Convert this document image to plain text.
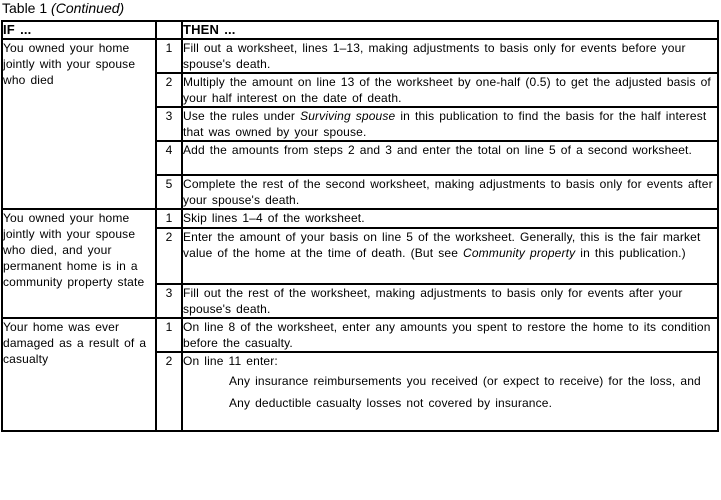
Table 1 (Continued)
IF ...		THEN ...
You owned your home jointly with your spouse who died	1	Fill out a worksheet, lines 1–13, making adjustments to basis only for events before your spouse's death.
	2	Multiply the amount on line 13 of the worksheet by one-half (0.5) to get the adjusted basis of your half interest on the date of death.
	3	Use the rules under Surviving spouse in this publication to find the basis for the half interest that was owned by your spouse.
	4	Add the amounts from steps 2 and 3 and enter the total on line 5 of a second worksheet.
	5	Complete the rest of the second worksheet, making adjustments to basis only for events after your spouse's death.
You owned your home jointly with your spouse who died, and your permanent home is in a community property state	1	Skip lines 1–4 of the worksheet.
	2	Enter the amount of your basis on line 5 of the worksheet. Generally, this is the fair market value of the home at the time of death. (But see Community property in this publication.)
	3	Fill out the rest of the worksheet, making adjustments to basis only for events after your spouse's death.
Your home was ever damaged as a result of a casualty	1	On line 8 of the worksheet, enter any amounts you spent to restore the home to its condition before the casualty.
	2	On line 11 enter:
Any insurance reimbursements you received (or expect to receive) for the loss, and
Any deductible casualty losses not covered by insurance.
